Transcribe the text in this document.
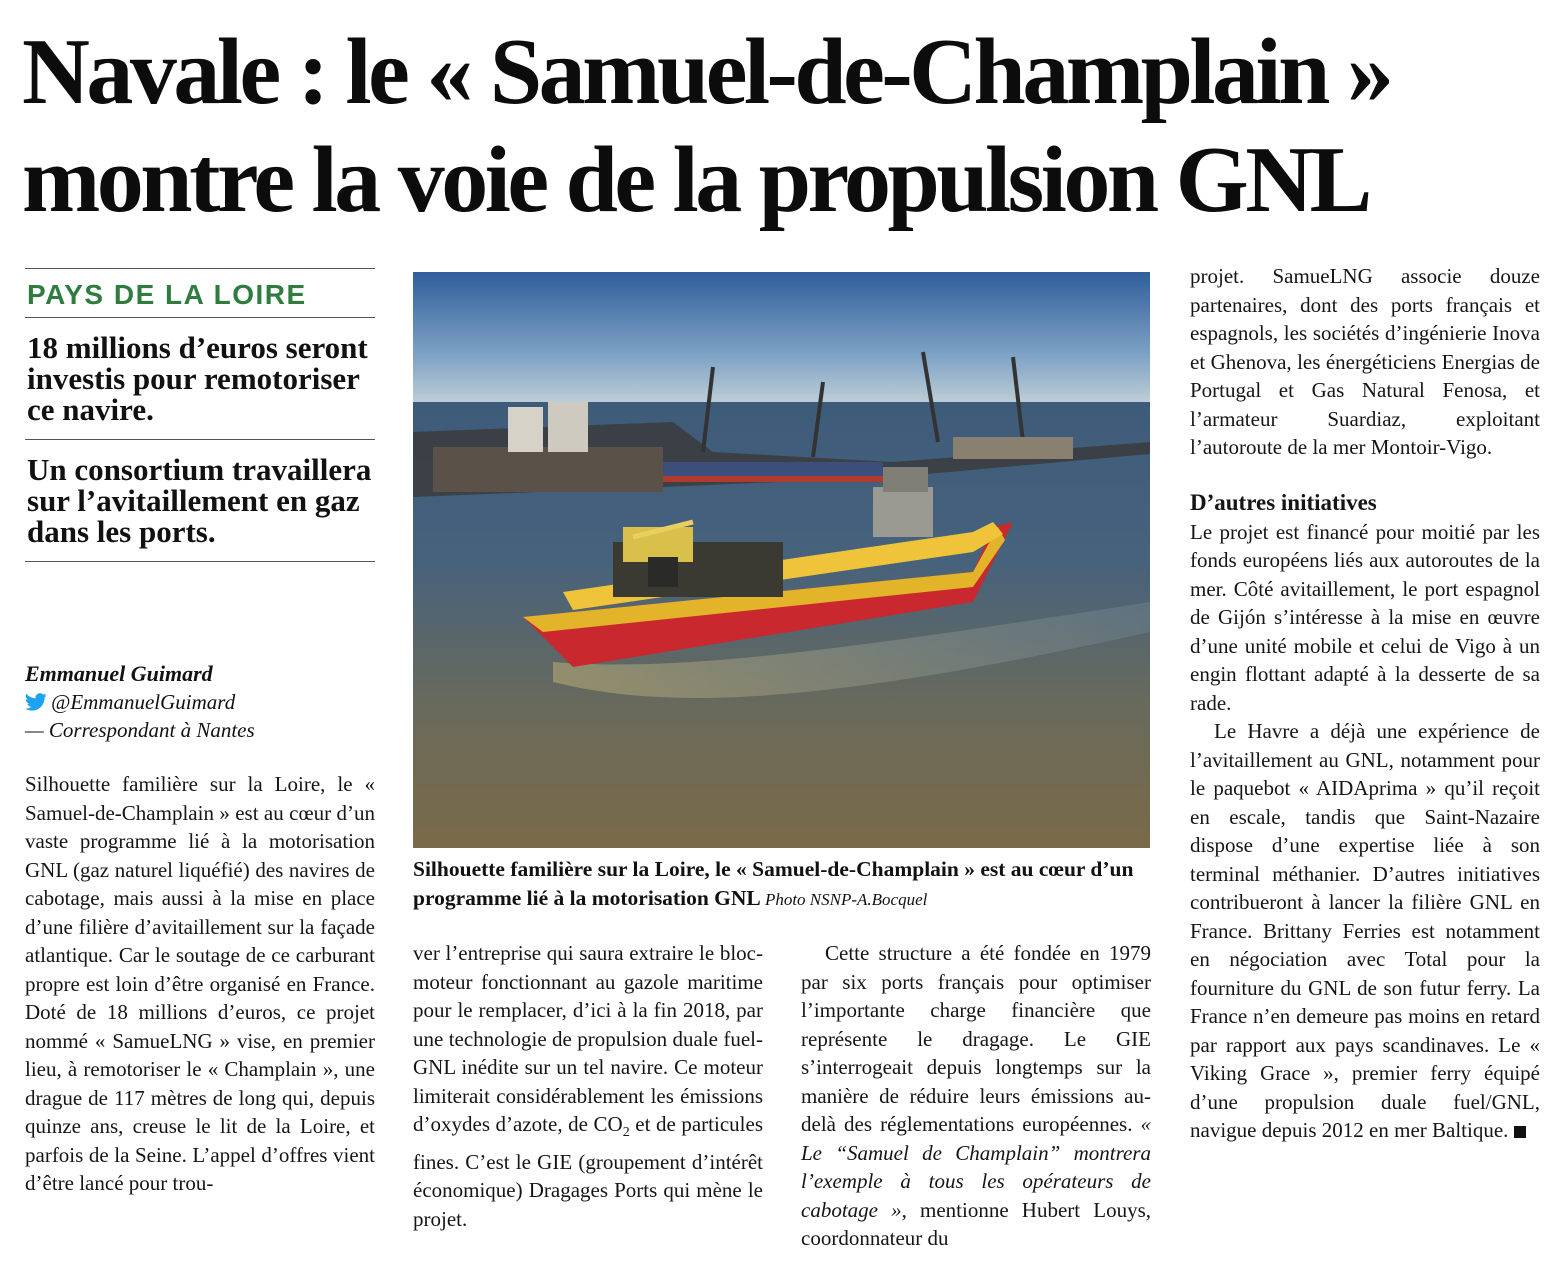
Navale : le « Samuel-de-Champlain »
montre la voie de la propulsion GNL
PAYS DE LA LOIRE
18 millions d’euros seront investis pour remotoriser ce navire.
Un consortium travaillera sur l’avitaillement en gaz dans les ports.
Emmanuel Guimard
@EmmanuelGuimard
— Correspondant à Nantes
Silhouette familière sur la Loire, le « Samuel-de-Champlain » est au cœur d’un programme lié à la motorisation GNL Photo NSNP-A.Bocquel

Silhouette familière sur la Loire, le « Samuel-de-Champlain » est au cœur d’un vaste programme lié à la motorisation GNL (gaz naturel liquéfié) des navires de cabotage, mais aussi à la mise en place d’une filière d’avitaillement sur la façade atlantique. Car le soutage de ce carburant propre est loin d’être organisé en France. Doté de 18 millions d’euros, ce projet nommé « SamueLNG » vise, en premier lieu, à remotoriser le « Champlain », une drague de 117 mètres de long qui, depuis quinze ans, creuse le lit de la Loire, et parfois de la Seine. L’appel d’offres vient d’être lancé pour trou-

ver l’entreprise qui saura extraire le bloc-moteur fonctionnant au gazole maritime pour le remplacer, d’ici à la fin 2018, par une technologie de propulsion duale fuel-GNL inédite sur un tel navire. Ce moteur limiterait considérablement les émissions d’oxydes d’azote, de $CO_2$ et de particules fines. C’est le GIE (groupement d’intérêt économique) Dragages Ports qui mène le projet.

Cette structure a été fondée en 1979 par six ports français pour optimiser l’importante charge financière que représente le dragage. Le GIE s’interrogeait depuis longtemps sur la manière de réduire leurs émissions au-delà des réglementations européennes. « Le “Samuel de Champlain” montrera l’exemple à tous les opérateurs de cabotage », mentionne Hubert Louys, coordonnateur du

projet. SamueLNG associe douze partenaires, dont des ports français et espagnols, les sociétés d’ingénierie Inova et Ghenova, les énergéticiens Energias de Portugal et Gas Natural Fenosa, et l’armateur Suardiaz, exploitant l’autoroute de la mer Montoir-Vigo.

D’autres initiatives

Le projet est financé pour moitié par les fonds européens liés aux autoroutes de la mer. Côté avitaillement, le port espagnol de Gijón s’intéresse à la mise en œuvre d’une unité mobile et celui de Vigo à un engin flottant adapté à la desserte de sa rade.

Le Havre a déjà une expérience de l’avitaillement au GNL, notamment pour le paquebot « AIDAprima » qu’il reçoit en escale, tandis que Saint-Nazaire dispose d’une expertise liée à son terminal méthanier. D’autres initiatives contribueront à lancer la filière GNL en France. Brittany Ferries est notamment en négociation avec Total pour la fourniture du GNL de son futur ferry. La France n’en demeure pas moins en retard par rapport aux pays scandinaves. Le « Viking Grace », premier ferry équipé d’une propulsion duale fuel/GNL, navigue depuis 2012 en mer Baltique.
